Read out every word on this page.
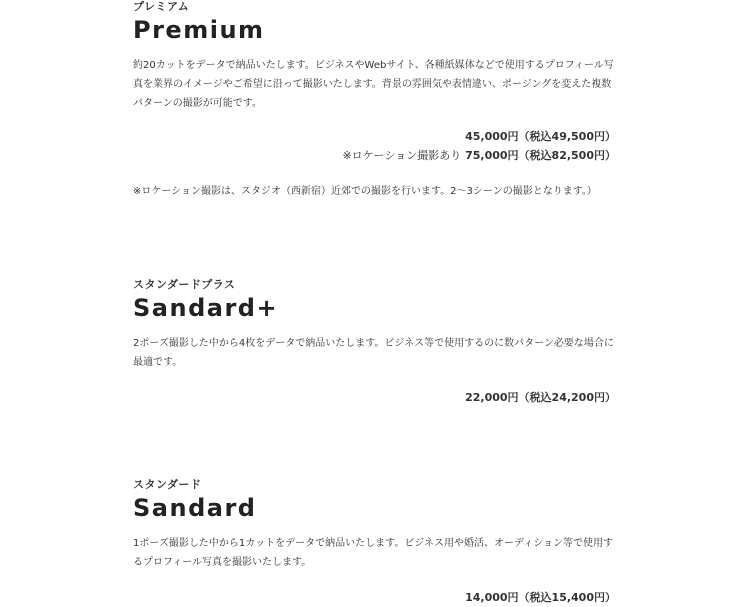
プレミアム
Premium
約20カットをデータで納品いたします。ビジネスやWebサイト、各種紙媒体などで使用するプロフィール写真を業界のイメージやご希望に沿って撮影いたします。背景の雰囲気や表情違い、ポージングを変えた複数パターンの撮影が可能です。
45,000円（税込49,500円）
※ロケーション撮影あり 75,000円（税込82,500円）
※ロケーション撮影は、スタジオ（西新宿）近郊での撮影を行います。2〜3シーンの撮影となります。）
スタンダードプラス
Sandard+
2ポーズ撮影した中から4枚をデータで納品いたします。ビジネス等で使用するのに数パターン必要な場合に最適です。
22,000円（税込24,200円）
スタンダード
Sandard
1ポーズ撮影した中から1カットをデータで納品いたします。ビジネス用や婚活、オーディション等で使用するプロフィール写真を撮影いたします。
14,000円（税込15,400円）
